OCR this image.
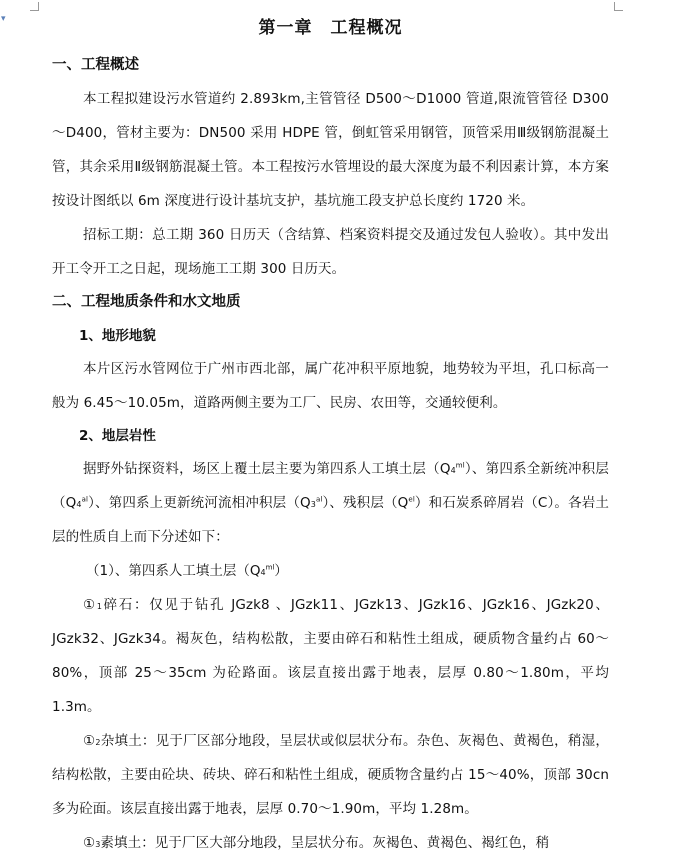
▾	第一章　工程概况
一、工程概述

本工程拟建设污水管道约 2.893km,主管管径 D500～D1000 管道,限流管管径 D300～D400，管材主要为：DN500 采用 HDPE 管，倒虹管采用钢管，顶管采用Ⅲ级钢筋混凝土管，其余采用Ⅱ级钢筋混凝土管。本工程按污水管埋设的最大深度为最不利因素计算，本方案按设计图纸以 6m 深度进行设计基坑支护，基坑施工段支护总长度约 1720 米。

招标工期：总工期 360 日历天（含结算、档案资料提交及通过发包人验收）。其中发出开工令开工之日起，现场施工工期 300 日历天。

二、工程地质条件和水文地质
1、地形地貌

本片区污水管网位于广州市西北部，属广花冲积平原地貌，地势较为平坦，孔口标高一般为 6.45～10.05m，道路两侧主要为工厂、民房、农田等，交通较便利。

2、地层岩性

据野外钻探资料，场区上覆土层主要为第四系人工填土层$(Q4^{ml})$、第四系全新统冲积层$(Q4^{al})$、第四系上更新统河流相冲积层$(Q3^{al})$、残积层$(Q^{el})$和石炭系碎屑岩（C）。各岩土层的性质自上而下分述如下：

（1）、第四系人工填土层$(Q4^{ml})$

①1碎石：仅见于钻孔 JGzk8 、JGzk11、JGzk13、JGzk16、JGzk16、JGzk20、JGzk32、JGzk34。褐灰色，结构松散，主要由碎石和粘性土组成，硬质物含量约占 60～80%，顶部 25～35cm 为砼路面。该层直接出露于地表，层厚 0.80～1.80m，平均 1.3m。

①2杂填土：见于厂区部分地段，呈层状或似层状分布。杂色、灰褐色、黄褐色，稍湿，结构松散，主要由砼块、砖块、碎石和粘性土组成，硬质物含量约占 15～40%，顶部 30cn 多为砼面。该层直接出露于地表，层厚 0.70～1.90m，平均 1.28m。

①3素填土：见于厂区大部分地段，呈层状分布。灰褐色、黄褐色、褐红色，稍
